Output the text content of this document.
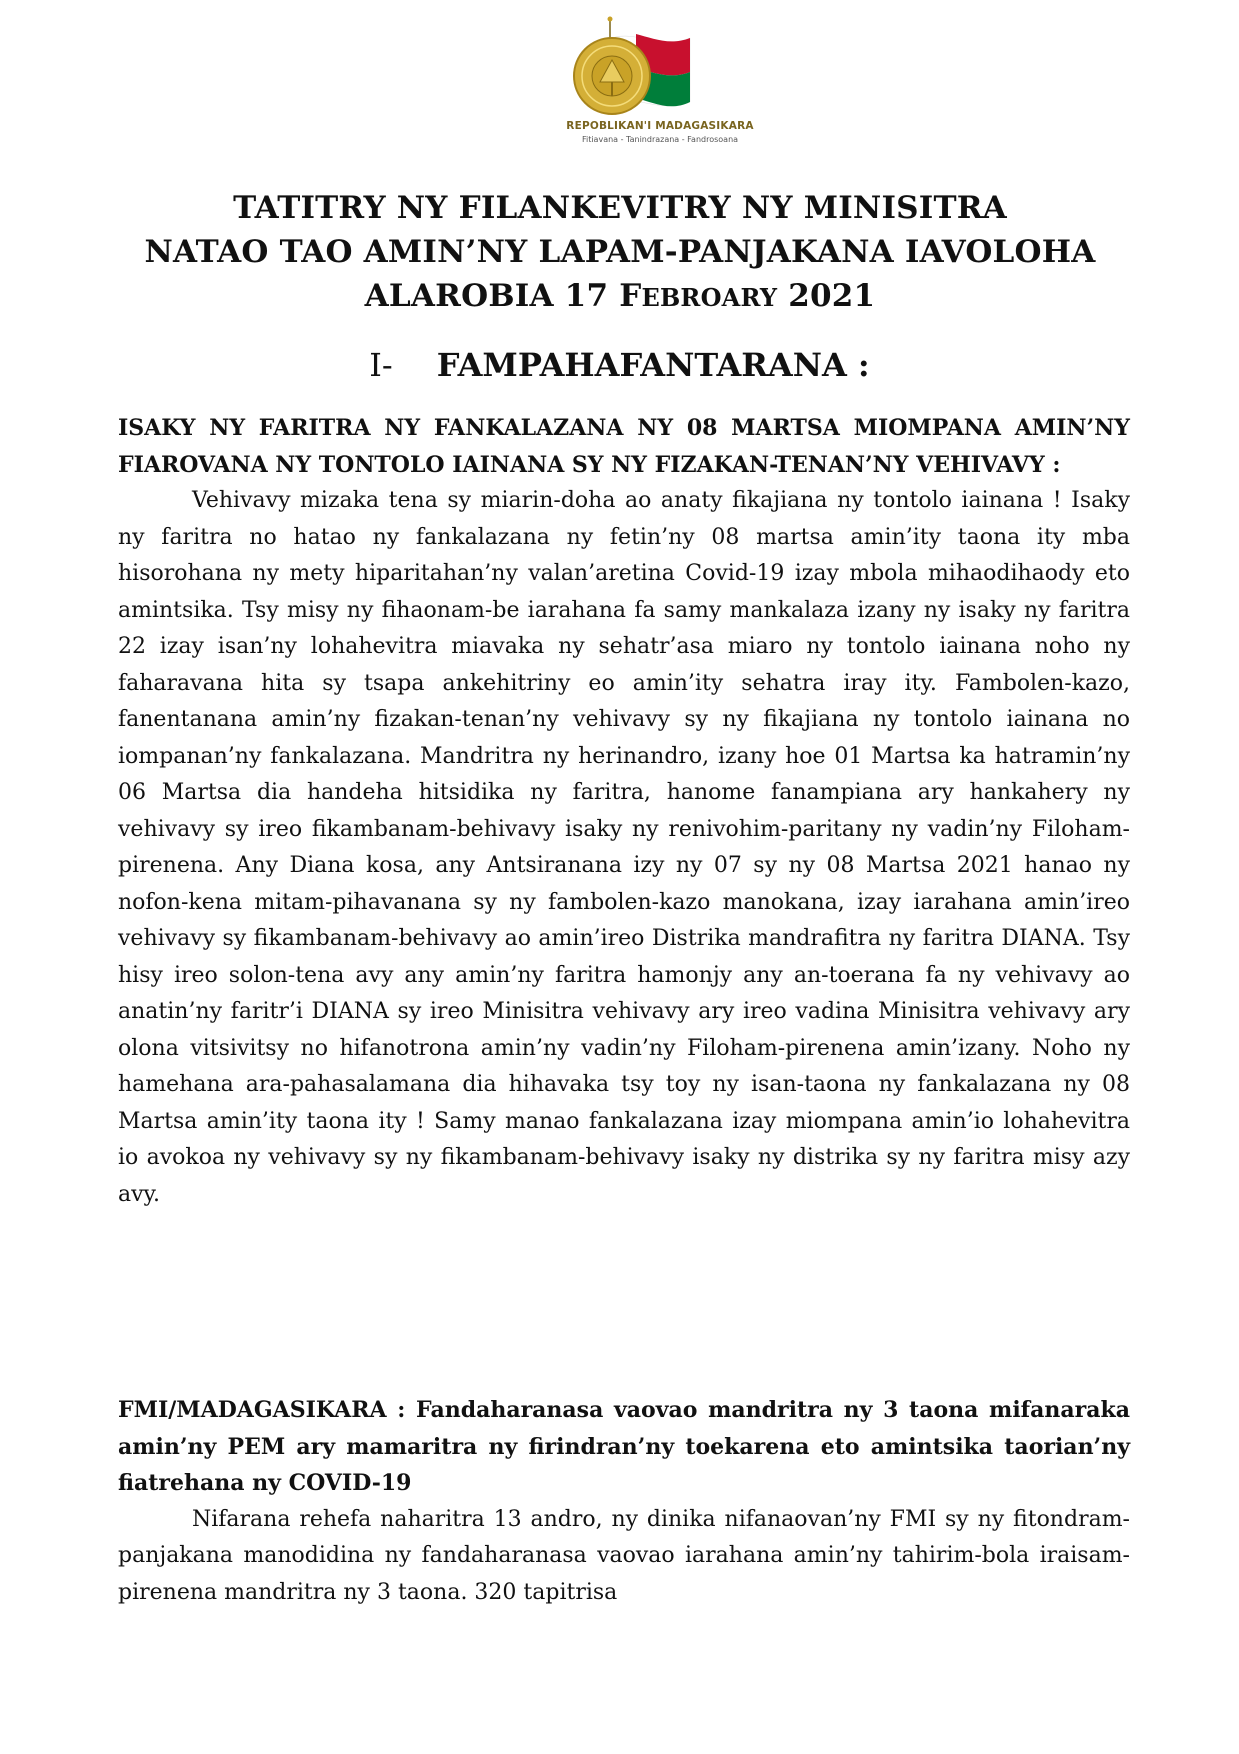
REPOBLIKAN'I MADAGASIKARA
Fitiavana - Tanindrazana - Fandrosoana
TATITRY NY FILANKEVITRY NY MINISITRA
NATAO TAO AMIN’NY LAPAM-PANJAKANA IAVOLOHA
ALAROBIA 17 FEBROARY 2021
I- FAMPAHAFANTARANA :
ISAKY NY FARITRA NY FANKALAZANA NY 08 MARTSA MIOMPANA AMIN’NY FIAROVANA NY TONTOLO IAINANA SY NY FIZAKAN-TENAN’NY VEHIVAVY :

Vehivavy mizaka tena sy miarin-doha ao anaty fikajiana ny tontolo iainana ! Isaky ny faritra no hatao ny fankalazana ny fetin’ny 08 martsa amin’ity taona ity mba hisorohana ny mety hiparitahan’ny valan’aretina Covid-19 izay mbola mihaodihaody eto amintsika. Tsy misy ny fihaonam-be iarahana fa samy mankalaza izany ny isaky ny faritra 22 izay isan’ny lohahevitra miavaka ny sehatr’asa miaro ny tontolo iainana noho ny faharavana hita sy tsapa ankehitriny eo amin’ity sehatra iray ity. Fambolen-kazo, fanentanana amin’ny fizakan-tenan’ny vehivavy sy ny fikajiana ny tontolo iainana no iompanan’ny fankalazana. Mandritra ny herinandro, izany hoe 01 Martsa ka hatramin’ny 06 Martsa dia handeha hitsidika ny faritra, hanome fanampiana ary hankahery ny vehivavy sy ireo fikambanam-behivavy isaky ny renivohim-paritany ny vadin’ny Filoham-pirenena. Any Diana kosa, any Antsiranana izy ny 07 sy ny 08 Martsa 2021 hanao ny nofon-kena mitam-pihavanana sy ny fambolen-kazo manokana, izay iarahana amin’ireo vehivavy sy fikambanam-behivavy ao amin’ireo Distrika mandrafitra ny faritra DIANA. Tsy hisy ireo solon-tena avy any amin’ny faritra hamonjy any an-toerana fa ny vehivavy ao anatin’ny faritr’i DIANA sy ireo Minisitra vehivavy ary ireo vadina Minisitra vehivavy ary olona vitsivitsy no hifanotrona amin’ny vadin’ny Filoham-pirenena amin’izany. Noho ny hamehana ara-pahasalamana dia hihavaka tsy toy ny isan-taona ny fankalazana ny 08 Martsa amin’ity taona ity ! Samy manao fankalazana izay miompana amin’io lohahevitra io avokoa ny vehivavy sy ny fikambanam-behivavy isaky ny distrika sy ny faritra misy azy avy.

FMI/MADAGASIKARA : Fandaharanasa vaovao mandritra ny 3 taona mifanaraka amin’ny PEM ary mamaritra ny firindran’ny toekarena eto amintsika taorian’ny fiatrehana ny COVID-19

Nifarana rehefa naharitra 13 andro, ny dinika nifanaovan’ny FMI sy ny fitondram-panjakana manodidina ny fandaharanasa vaovao iarahana amin’ny tahirim-bola iraisam-pirenena mandritra ny 3 taona. 320 tapitrisa
